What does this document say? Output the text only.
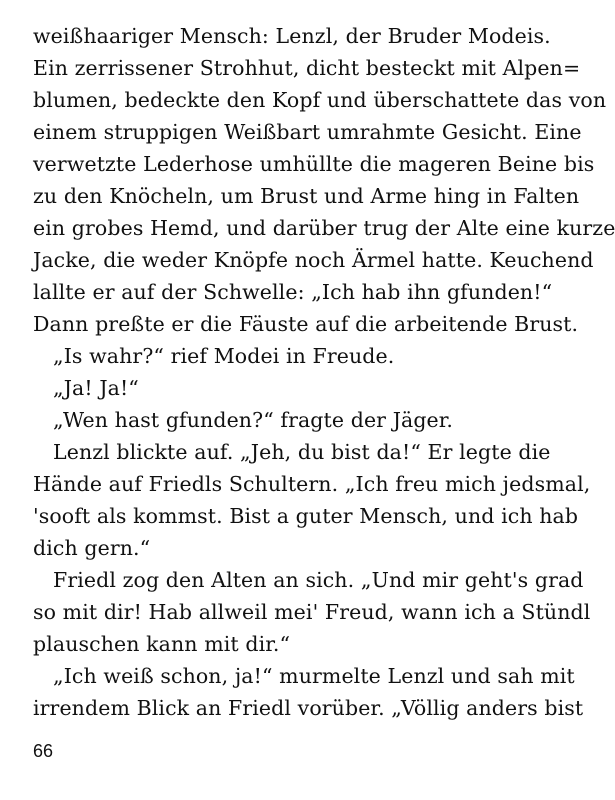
weißhaariger Mensch: Lenzl, der Bruder Modeis.
Ein zerrissener Strohhut, dicht besteckt mit Alpen=
blumen, bedeckte den Kopf und überschattete das von
einem struppigen Weißbart umrahmte Gesicht. Eine
verwetzte Lederhose umhüllte die mageren Beine bis
zu den Knöcheln, um Brust und Arme hing in Falten
ein grobes Hemd, und darüber trug der Alte eine kurze
Jacke, die weder Knöpfe noch Ärmel hatte. Keuchend
lallte er auf der Schwelle: „Ich hab ihn gfunden!“
Dann preßte er die Fäuste auf die arbeitende Brust.
„Is wahr?“ rief Modei in Freude.
„Ja! Ja!“
„Wen hast gfunden?“ fragte der Jäger.
Lenzl blickte auf. „Jeh, du bist da!“ Er legte die
Hände auf Friedls Schultern. „Ich freu mich jedsmal,
'sooft als kommst. Bist a guter Mensch, und ich hab
dich gern.“
Friedl zog den Alten an sich. „Und mir geht's grad
so mit dir! Hab allweil mei' Freud, wann ich a Stündl
plauschen kann mit dir.“
„Ich weiß schon, ja!“ murmelte Lenzl und sah mit
irrendem Blick an Friedl vorüber. „Völlig anders bist
66
